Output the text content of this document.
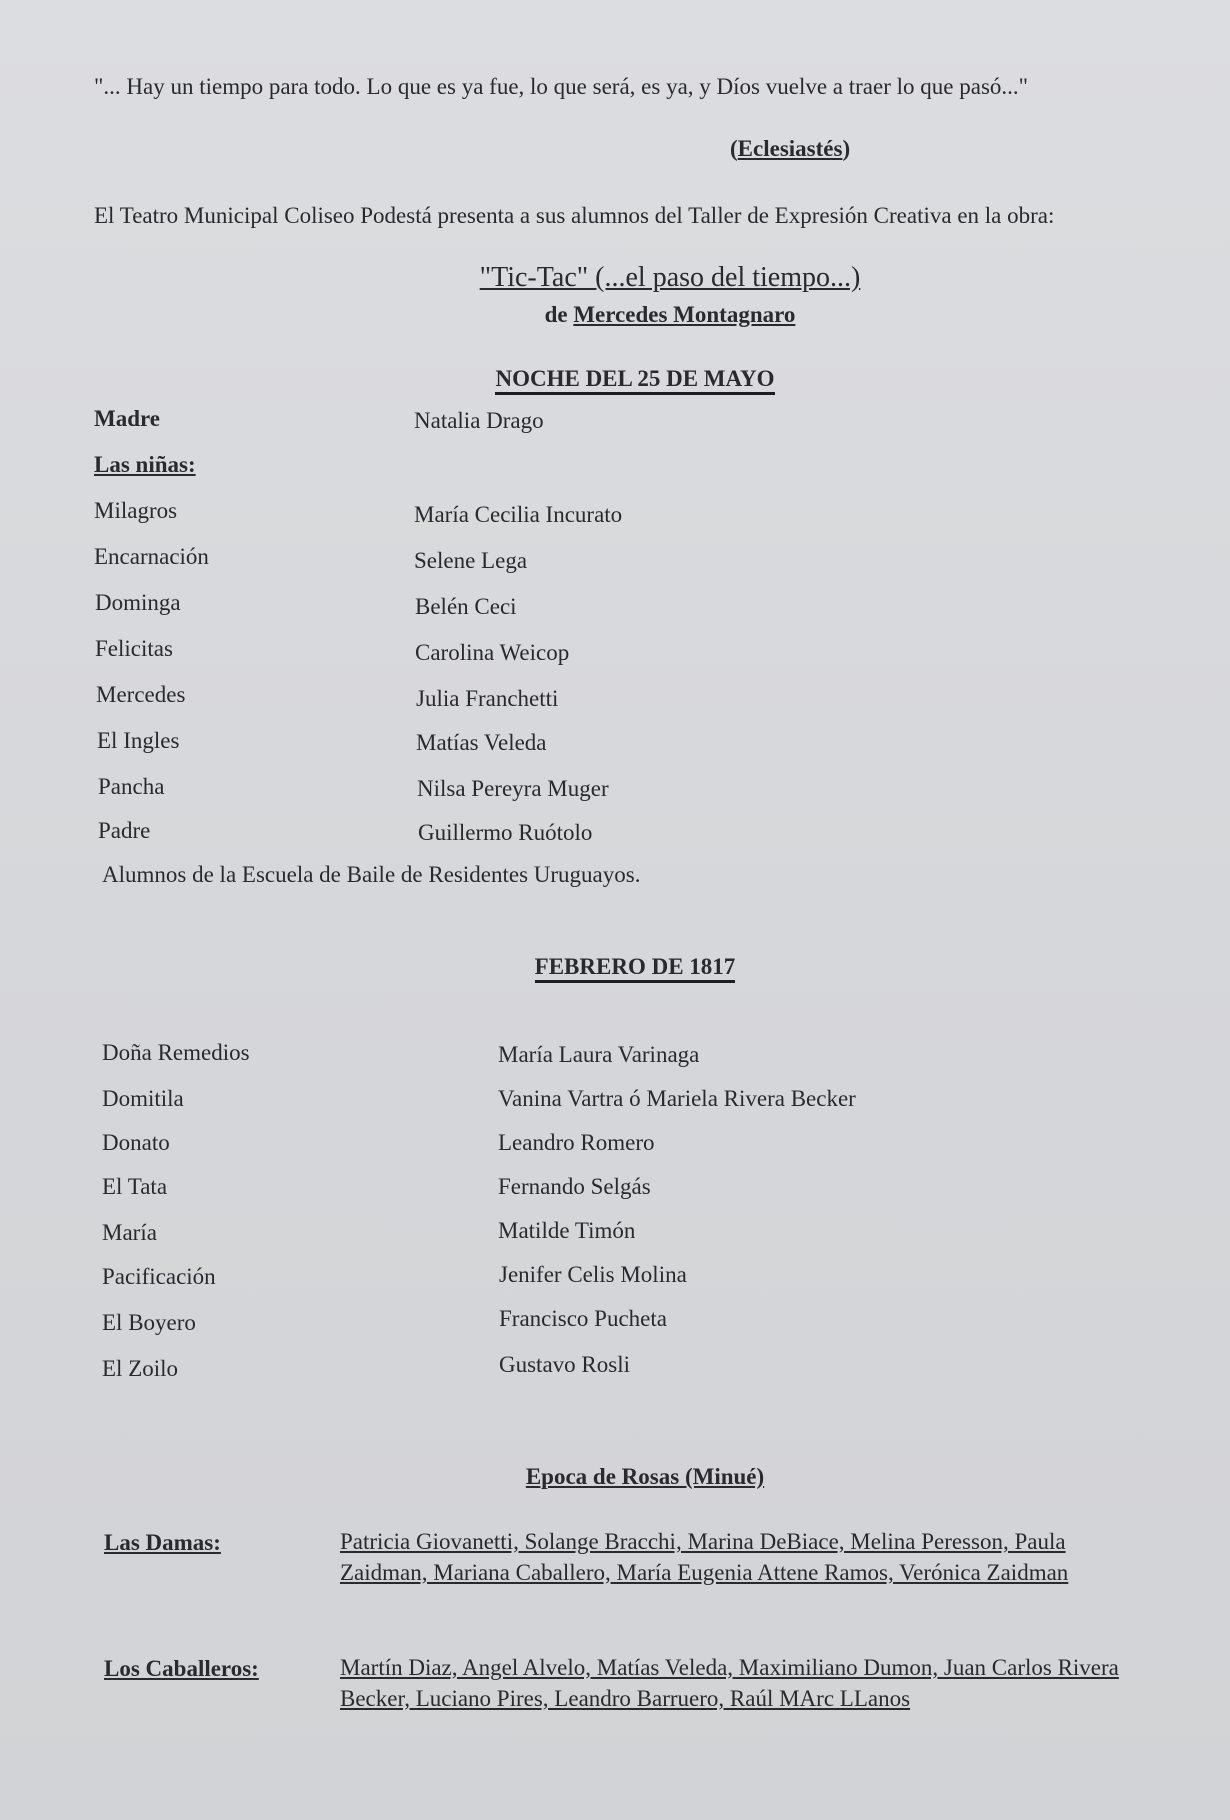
"... Hay un tiempo para todo. Lo que es ya fue, lo que será, es ya, y Díos vuelve a traer lo que pasó..."
(Eclesiastés)
El Teatro Municipal Coliseo Podestá presenta a sus alumnos del Taller de Expresión Creativa en la obra:
"Tic-Tac" (...el paso del tiempo...)
de Mercedes Montagnaro
NOCHE DEL 25 DE MAYO
Madre	Natalia Drago
Las niñas:
Milagros	María Cecilia Incurato
Encarnación	Selene Lega
Dominga	Belén Ceci
Felicitas	Carolina Weicop
Mercedes	Julia Franchetti
El Ingles	Matías Veleda
Pancha	Nilsa Pereyra Muger
Padre	Guillermo Ruótolo
Alumnos de la Escuela de Baile de Residentes Uruguayos.
FEBRERO DE 1817
Doña Remedios	María Laura Varinaga
Domitila	Vanina Vartra ó Mariela Rivera Becker
Donato	Leandro Romero
El Tata	Fernando Selgás
María	Matilde Timón
Pacificación	Jenifer Celis Molina
El Boyero	Francisco Pucheta
El Zoilo	Gustavo Rosli
Epoca de Rosas (Minué)
Las Damas:	Patricia Giovanetti, Solange Bracchi, Marina DeBiace, Melina Peresson, Paula Zaidman, Mariana Caballero, María Eugenia Attene Ramos, Verónica Zaidman
Los Caballeros:	Martín Diaz, Angel Alvelo, Matías Veleda, Maximiliano Dumon, Juan Carlos Rivera Becker, Luciano Pires, Leandro Barruero, Raúl MArc LLanos
